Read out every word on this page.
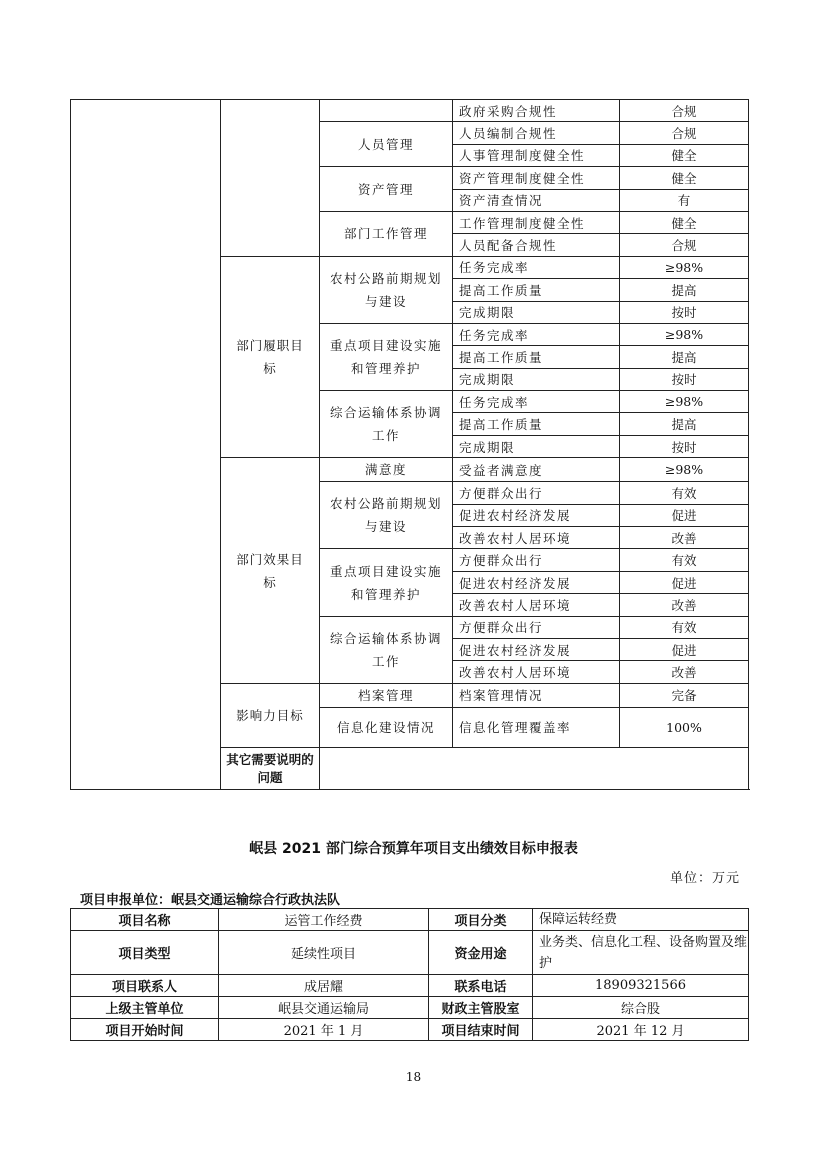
			政府采购合规性	合规
		人员管理	人员编制合规性	合规
			人事管理制度健全性	健全
		资产管理	资产管理制度健全性	健全
			资产清查情况	有
		部门工作管理	工作管理制度健全性	健全
			人员配备合规性	合规
	部门履职目标	农村公路前期规划与建设	任务完成率	≥98%
			提高工作质量	提高
			完成期限	按时
		重点项目建设实施和管理养护	任务完成率	≥98%
			提高工作质量	提高
			完成期限	按时
		综合运输体系协调工作	任务完成率	≥98%
			提高工作质量	提高
			完成期限	按时
	部门效果目标	满意度	受益者满意度	≥98%
		农村公路前期规划与建设	方便群众出行	有效
			促进农村经济发展	促进
			改善农村人居环境	改善
		重点项目建设实施和管理养护	方便群众出行	有效
			促进农村经济发展	促进
			改善农村人居环境	改善
		综合运输体系协调工作	方便群众出行	有效
			促进农村经济发展	促进
			改善农村人居环境	改善
	影响力目标	档案管理	档案管理情况	完备
		信息化建设情况	信息化管理覆盖率	100%
	其它需要说明的问题			
岷县 2021 部门综合预算年项目支出绩效目标申报表
单位：万元
项目申报单位：岷县交通运输综合行政执法队
项目名称	运管工作经费	项目分类	保障运转经费
项目类型	延续性项目	资金用途	业务类、信息化工程、设备购置及维护
项目联系人	成居耀	联系电话	18909321566
上级主管单位	岷县交通运输局	财政主管股室	综合股
项目开始时间	2021 年 1 月	项目结束时间	2021 年 12 月
18
